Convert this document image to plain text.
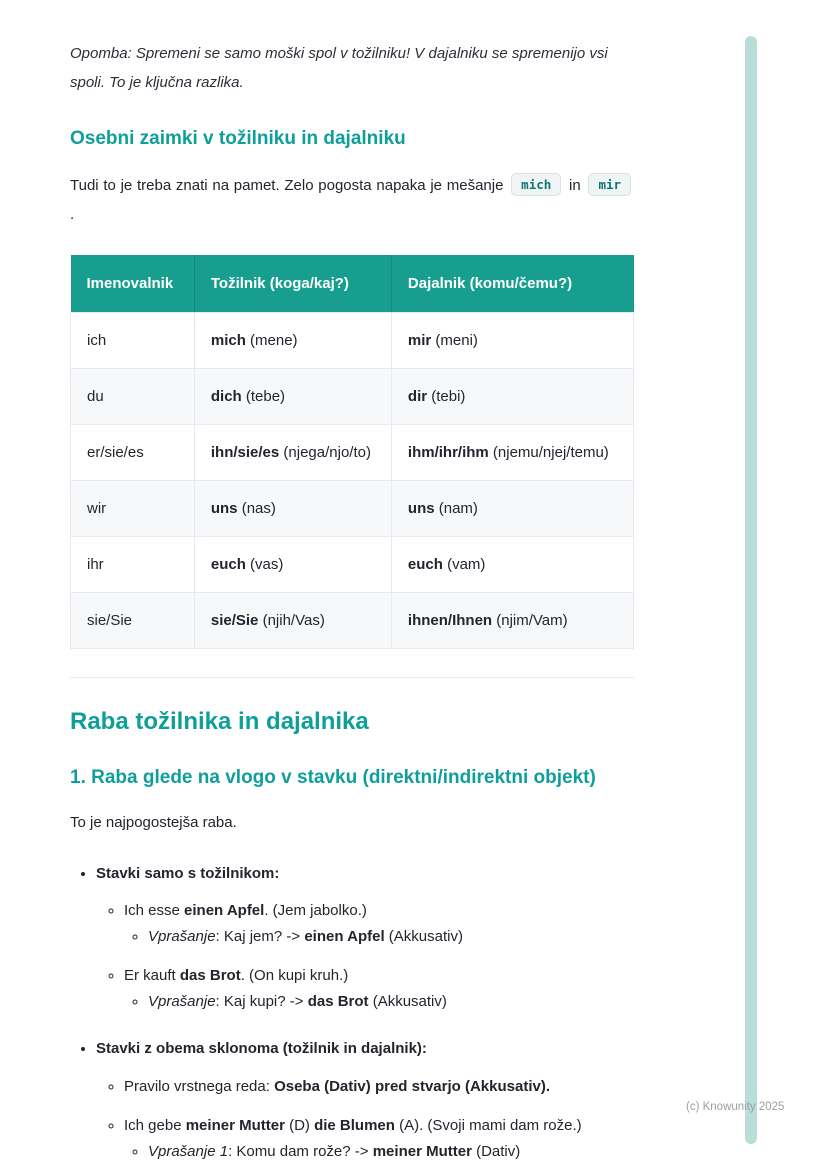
Opomba: Spremeni se samo moški spol v tožilniku! V dajalniku se spremenijo vsi spoli. To je ključna razlika.

Osebni zaimki v tožilniku in dajalniku

Tudi to je treba znati na pamet. Zelo pogosta napaka je mešanje mich in mir .

Imenovalnik	Tožilnik (koga/kaj?)	Dajalnik (komu/čemu?)
ich	mich (mene)	mir (meni)
du	dich (tebe)	dir (tebi)
er/sie/es	ihn/sie/es (njega/njo/to)	ihm/ihr/ihm (njemu/njej/temu)
wir	uns (nas)	uns (nam)
ihr	euch (vas)	euch (vam)
sie/Sie	sie/Sie (njih/Vas)	ihnen/Ihnen (njim/Vam)
Raba tožilnika in dajalnika
1. Raba glede na vlogo v stavku (direktni/indirektni objekt)

To je najpogostejša raba.

• Stavki samo s tožilnikom:
◦ Ich esse einen Apfel. (Jem jabolko.)
◦ Vprašanje: Kaj jem? -> einen Apfel (Akkusativ)
◦ Er kauft das Brot. (On kupi kruh.)
◦ Vprašanje: Kaj kupi? -> das Brot (Akkusativ)
• Stavki z obema sklonoma (tožilnik in dajalnik):
◦ Pravilo vrstnega reda: Oseba (Dativ) pred stvarjo (Akkusativ).
◦ Ich gebe meiner Mutter (D) die Blumen (A). (Svoji mami dam rože.)
◦ Vprašanje 1: Komu dam rože? -> meiner Mutter (Dativ)
(c) Knowunity 2025
